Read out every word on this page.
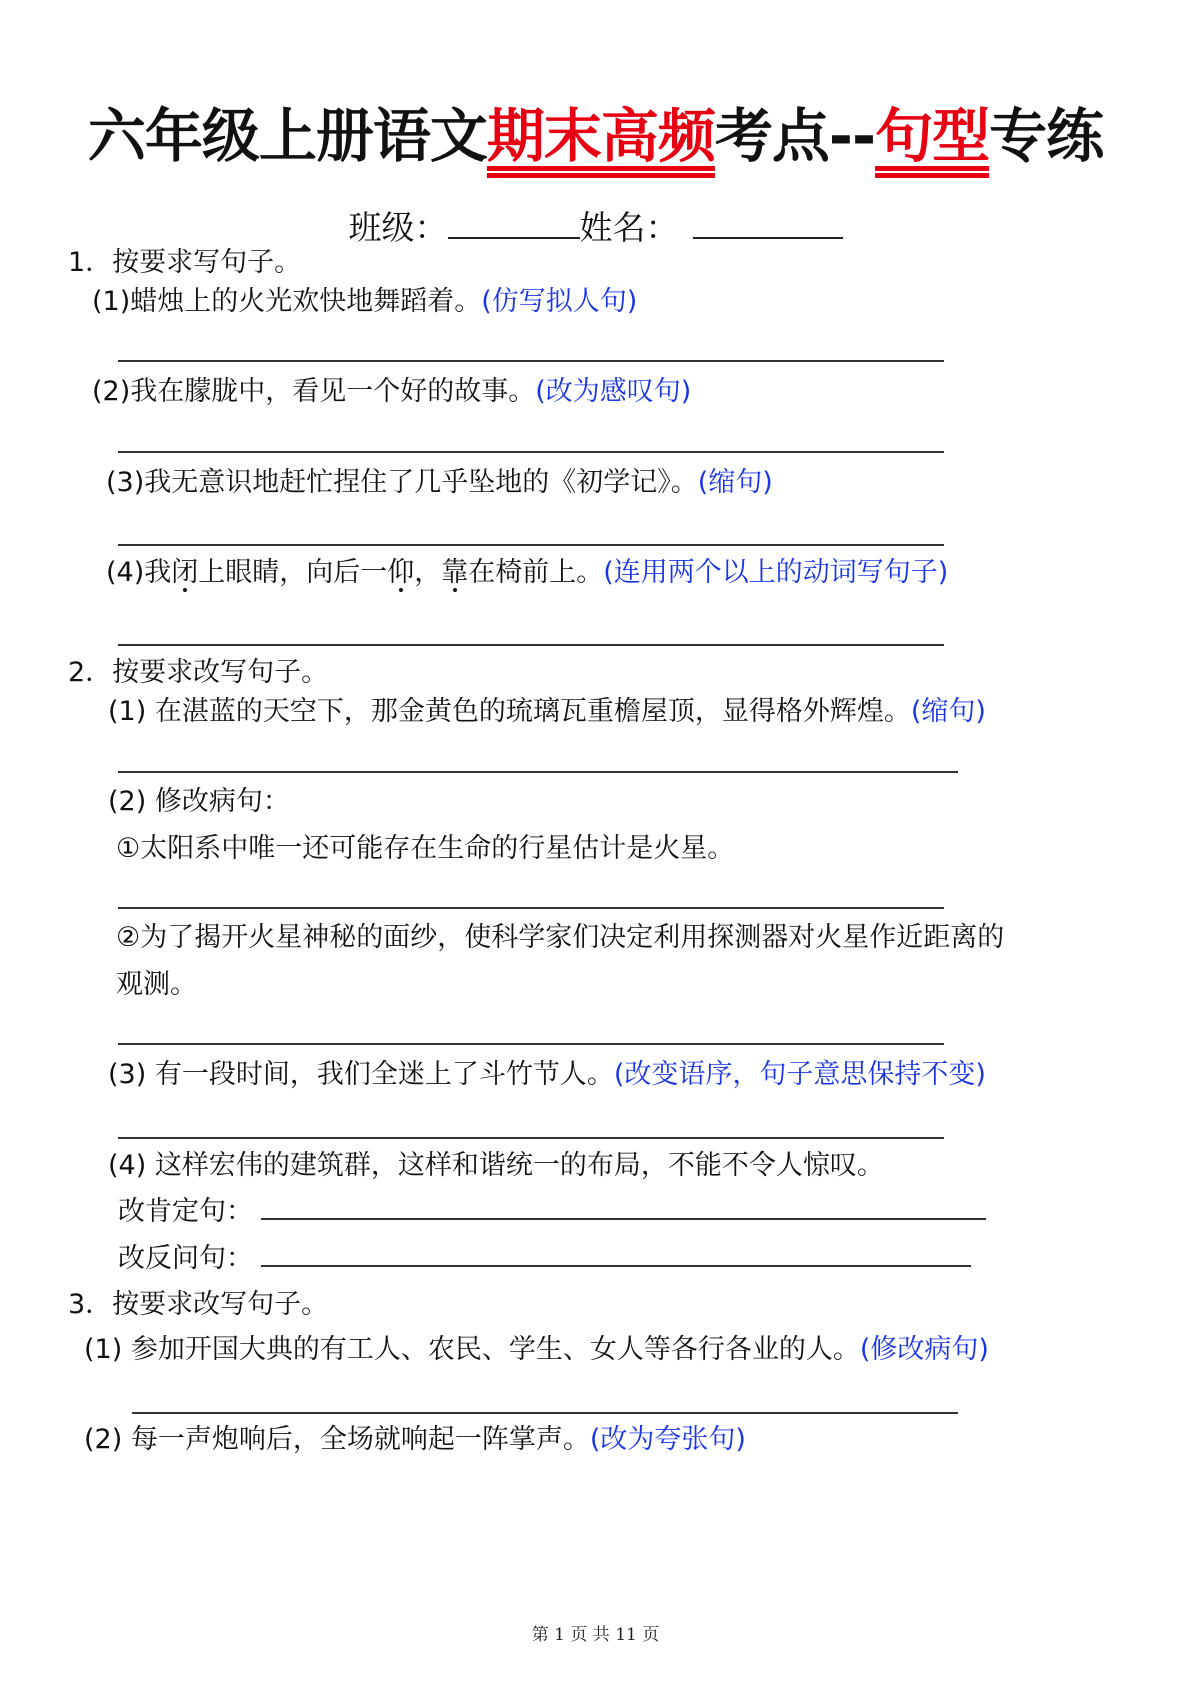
六年级上册语文期末高频考点--句型专练
班级：	姓名：
1．按要求写句子。
(1)蜡烛上的火光欢快地舞蹈着。(仿写拟人句)
(2)我在朦胧中，看见一个好的故事。(改为感叹句)
(3)我无意识地赶忙捏住了几乎坠地的《初学记》。(缩句)
(4)我闭上眼睛，向后一仰，靠在椅前上。(连用两个以上的动词写句子)
2．按要求改写句子。
(1) 在湛蓝的天空下，那金黄色的琉璃瓦重檐屋顶，显得格外辉煌。(缩句)
(2) 修改病句：
①太阳系中唯一还可能存在生命的行星估计是火星。
②为了揭开火星神秘的面纱，使科学家们决定利用探测器对火星作近距离的
观测。
(3) 有一段时间，我们全迷上了斗竹节人。(改变语序，句子意思保持不变)
(4) 这样宏伟的建筑群，这样和谐统一的布局，不能不令人惊叹。
改肯定句：
改反问句：
3．按要求改写句子。
(1) 参加开国大典的有工人、农民、学生、女人等各行各业的人。(修改病句)
(2) 每一声炮响后，全场就响起一阵掌声。(改为夸张句)
第 1 页 共 11 页
